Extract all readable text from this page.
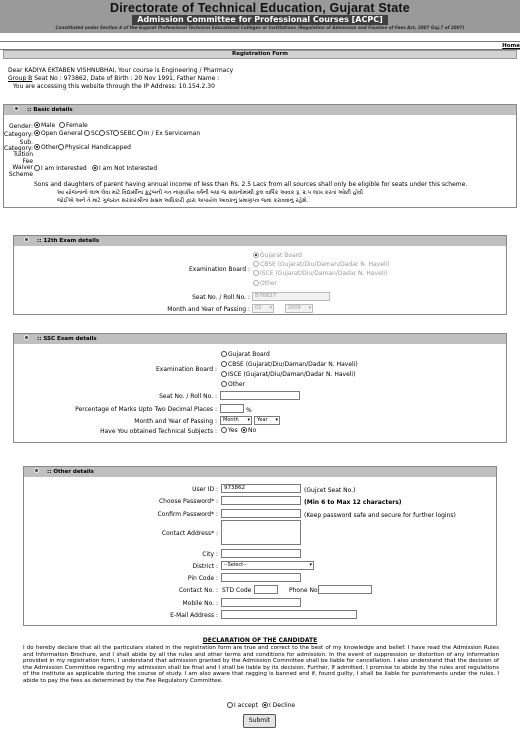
Directorate of Technical Education, Gujarat State
Admission Committee for Professional Courses [ACPC]
Constituted under Section 4 of the Gujarat Professional Technical Educational Colleges or Institutions (Regulation of Admission and Fixation of Fees Act, 2007 Guj.7 of 2007)
Home
Registration Form
Dear KADIYA EKTABEN VISHNUBHAI, Your course is Engineering / Pharmacy
Group B Seat No : 973862, Date of Birth : 20 Nov 1991, Father Name :
You are accessing this website through the IP Address: 10.154.2.30
:: Basic details
Gender:	Male	Female
Category:	Open General	SC	ST	SEBC	In / Ex Serviceman
Sub.
Category:	Other	Physical Handicapped
Tuition
Fee
Waiver
Scheme
I am Interested	I am Not Interested
Sons and daughters of parent having annual income of less than Rs. 2.5 Lacs from all sources shall only be eligible for seats under this scheme.
આ યોજનાનો લાભ લેવા માટે વિદ્યાર્થીના કુટુંબની ગત નાણાકીય વર્ષની બધા જ સાધનોમાંથી કુલ વાર્ષિક આવક રૂ. ૨.૫ લાખ કરતાં ઓછી હોવી
જોઈએ અને તે માટે ગુજરાત સરકારશ્રીના સક્ષમ અધિકારી દ્વારા અપાયેલ આવકનું પ્રમાણપત્ર જમા કરાવવાનું રહેશે.
:: 12th Exam details
Examination Board :
Gujarat Board
CBSE (Gujarat/Diu/Daman/Dadar N. Haveli)
ISCE (Gujarat/Diu/Daman/Dadar N. Haveli)
Other
Seat No. / Roll No. : B76827
Month and Year of Passing :	03 ▾	2009 ▾
:: SSC Exam details
Examination Board :
Gujarat Board
CBSE (Gujarat/Diu/Daman/Dadar N. Haveli)
ISCE (Gujarat/Diu/Daman/Dadar N. Haveli)
Other
Seat No. / Roll No. :
Percentage of Marks Upto Two Decimal Places :	%
Month and Year of Passing :	Month ▾	Year ▾
Have You obtained Technical Subjects :	Yes	No
:: Other details
User ID :	973862	(Gujcet Seat No.)
Choose Password* :	(Min 6 to Max 12 characters)
Confirm Password* :	(Keep password safe and secure for further logins)
Contact Address* :
City :
District :	--Select-- ▾
Pin Code :
Contact No. : STD Code	Phone No
Mobile No. :
E-Mail Address :
DECLARATION OF THE CANDIDATE
I do hereby declare that all the particulars stated in the registration form are true and correct to the best of my knowledge and belief. I have read the Admission Rules and Information Brochure, and I shall abide by all the rules and other terms and conditions for admission. In the event of suppression or distortion of any information provided in my registration form, I understand that admission granted by the Admission Committee shall be liable for cancellation. I also understand that the decision of the Admission Committee regarding my admission shall be final and I shall be liable by its decision. Further, If admitted, I promise to abide by the rules and regulations of the institute as applicable during the course of study. I am also aware that ragging is banned and if, found guilty, I shall be liable for punishments under the rules. I abide to pay the fees as determined by the Fee Regulatory Committee.
I accept	I Decline
Submit
